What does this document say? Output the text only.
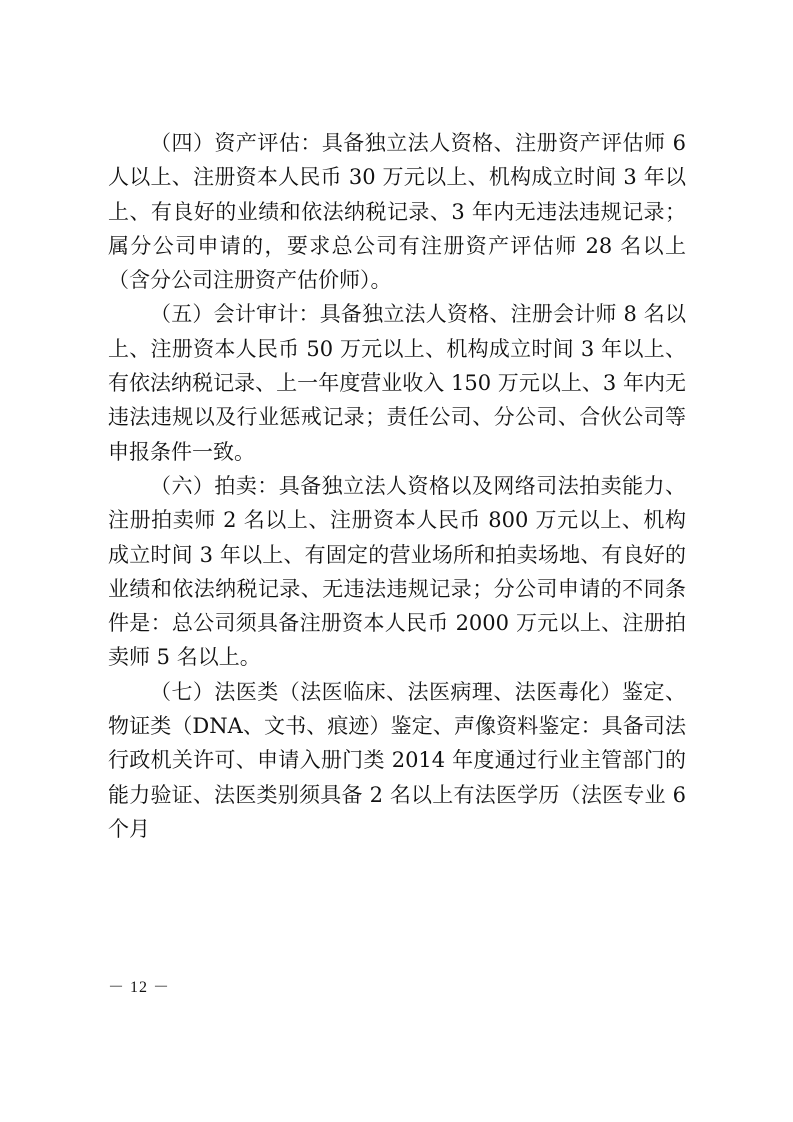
（四）资产评估：具备独立法人资格、注册资产评估师 6 人以上、注册资本人民币 30 万元以上、机构成立时间 3 年以上、有良好的业绩和依法纳税记录、3 年内无违法违规记录；属分公司申请的，要求总公司有注册资产评估师 28 名以上（含分公司注册资产估价师）。

（五）会计审计：具备独立法人资格、注册会计师 8 名以上、注册资本人民币 50 万元以上、机构成立时间 3 年以上、有依法纳税记录、上一年度营业收入 150 万元以上、3 年内无违法违规以及行业惩戒记录；责任公司、分公司、合伙公司等申报条件一致。

（六）拍卖：具备独立法人资格以及网络司法拍卖能力、注册拍卖师 2 名以上、注册资本人民币 800 万元以上、机构成立时间 3 年以上、有固定的营业场所和拍卖场地、有良好的业绩和依法纳税记录、无违法违规记录；分公司申请的不同条件是：总公司须具备注册资本人民币 2000 万元以上、注册拍卖师 5 名以上。

（七）法医类（法医临床、法医病理、法医毒化）鉴定、物证类（DNA、文书、痕迹）鉴定、声像资料鉴定：具备司法行政机关许可、申请入册门类 2014 年度通过行业主管部门的能力验证、法医类别须具备 2 名以上有法医学历（法医专业 6 个月

－ 12 －
